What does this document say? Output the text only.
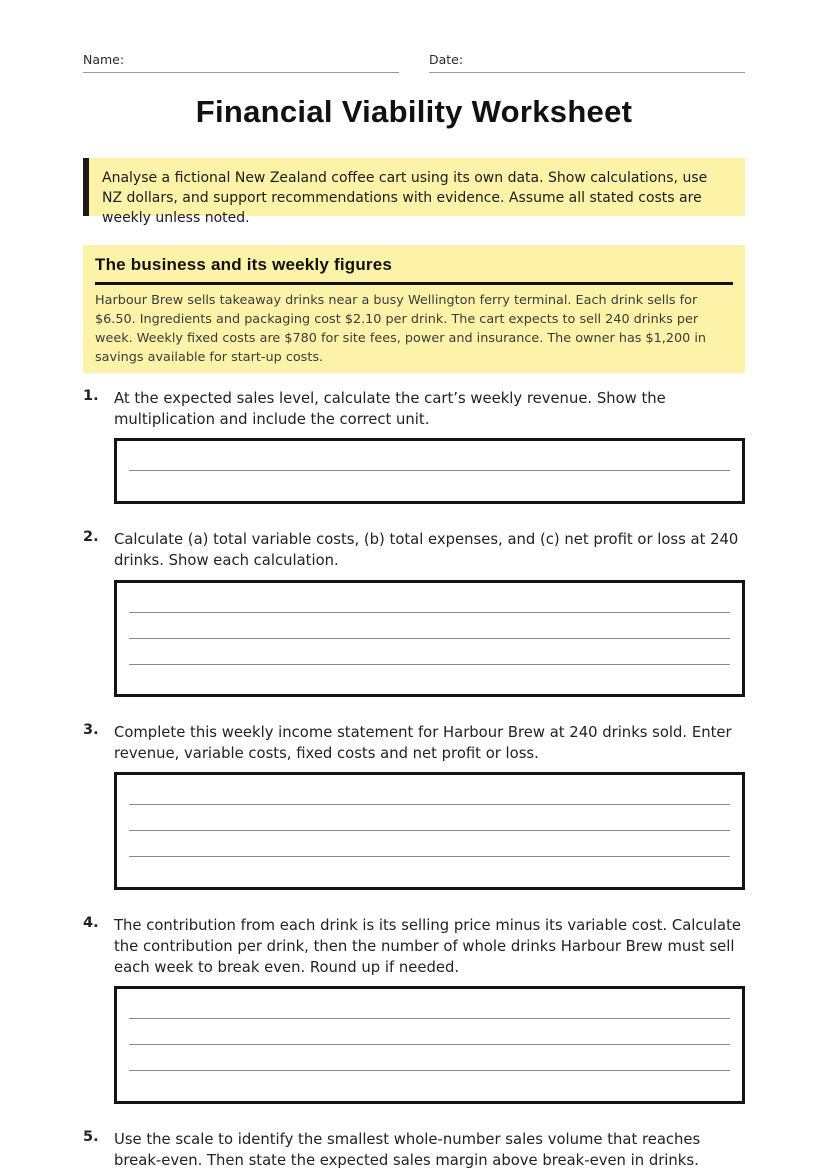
Name:	Date:
Financial Viability Worksheet
Analyse a fictional New Zealand coffee cart using its own data. Show calculations, use NZ dollars, and support recommendations with evidence. Assume all stated costs are weekly unless noted.
The business and its weekly figures

Harbour Brew sells takeaway drinks near a busy Wellington ferry terminal. Each drink sells for $6.50. Ingredients and packaging cost $2.10 per drink. The cart expects to sell 240 drinks per week. Weekly fixed costs are $780 for site fees, power and insurance. The owner has $1,200 in savings available for start-up costs.

1. At the expected sales level, calculate the cart’s weekly revenue. Show the multiplication and include the correct unit.
2. Calculate (a) total variable costs, (b) total expenses, and (c) net profit or loss at 240 drinks. Show each calculation.
3. Complete this weekly income statement for Harbour Brew at 240 drinks sold. Enter revenue, variable costs, fixed costs and net profit or loss.
4. The contribution from each drink is its selling price minus its variable cost. Calculate the contribution per drink, then the number of whole drinks Harbour Brew must sell each week to break even. Round up if needed.
5. Use the scale to identify the smallest whole-number sales volume that reaches break-even. Then state the expected sales margin above break-even in drinks.
